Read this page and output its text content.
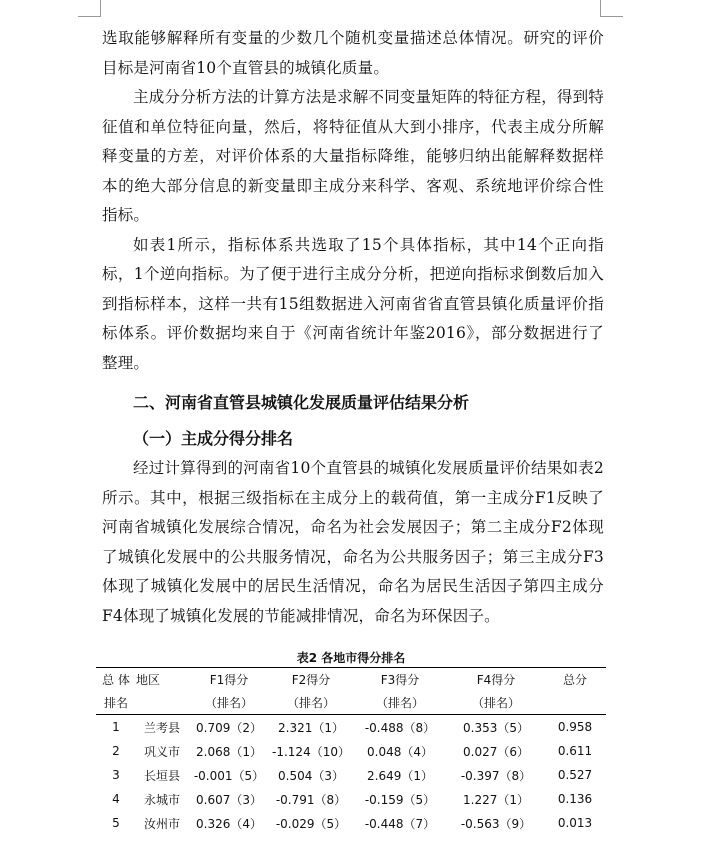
选取能够解释所有变量的少数几个随机变量描述总体情况。研究的评价目标是河南省10个直管县的城镇化质量。

主成分分析方法的计算方法是求解不同变量矩阵的特征方程，得到特征值和单位特征向量，然后，将特征值从大到小排序，代表主成分所解释变量的方差，对评价体系的大量指标降维，能够归纳出能解释数据样本的绝大部分信息的新变量即主成分来科学、客观、系统地评价综合性指标。

如表1所示，指标体系共选取了15个具体指标，其中14个正向指标，1个逆向指标。为了便于进行主成分分析，把逆向指标求倒数后加入到指标样本，这样一共有15组数据进入河南省省直管县镇化质量评价指标体系。评价数据均来自于《河南省统计年鉴2016》，部分数据进行了整理。

二、河南省直管县城镇化发展质量评估结果分析
（一）主成分得分排名

经过计算得到的河南省10个直管县的城镇化发展质量评价结果如表2所示。其中，根据三级指标在主成分上的载荷值，第一主成分F1反映了河南省城镇化发展综合情况，命名为社会发展因子；第二主成分F2体现了城镇化发展中的公共服务情况，命名为公共服务因子；第三主成分F3体现了城镇化发展中的居民生活情况，命名为居民生活因子第四主成分F4体现了城镇化发展的节能减排情况，命名为环保因子。

表2 各地市得分排名
总 体	地区	F1得分	F2得分	F3得分	F4得分	总分
排名		（排名）	（排名）	（排名）	（排名）	
1	兰考县	0.709（2）	2.321（1）	-0.488（8）	0.353（5）	0.958
2	巩义市	2.068（1）	-1.124（10）	0.048（4）	0.027（6）	0.611
3	长垣县	-0.001（5）	0.504（3）	2.649（1）	-0.397（8）	0.527
4	永城市	0.607（3）	-0.791（8）	-0.159（5）	1.227（1）	0.136
5	汝州市	0.326（4）	-0.029（5）	-0.448（7）	-0.563（9）	0.013
